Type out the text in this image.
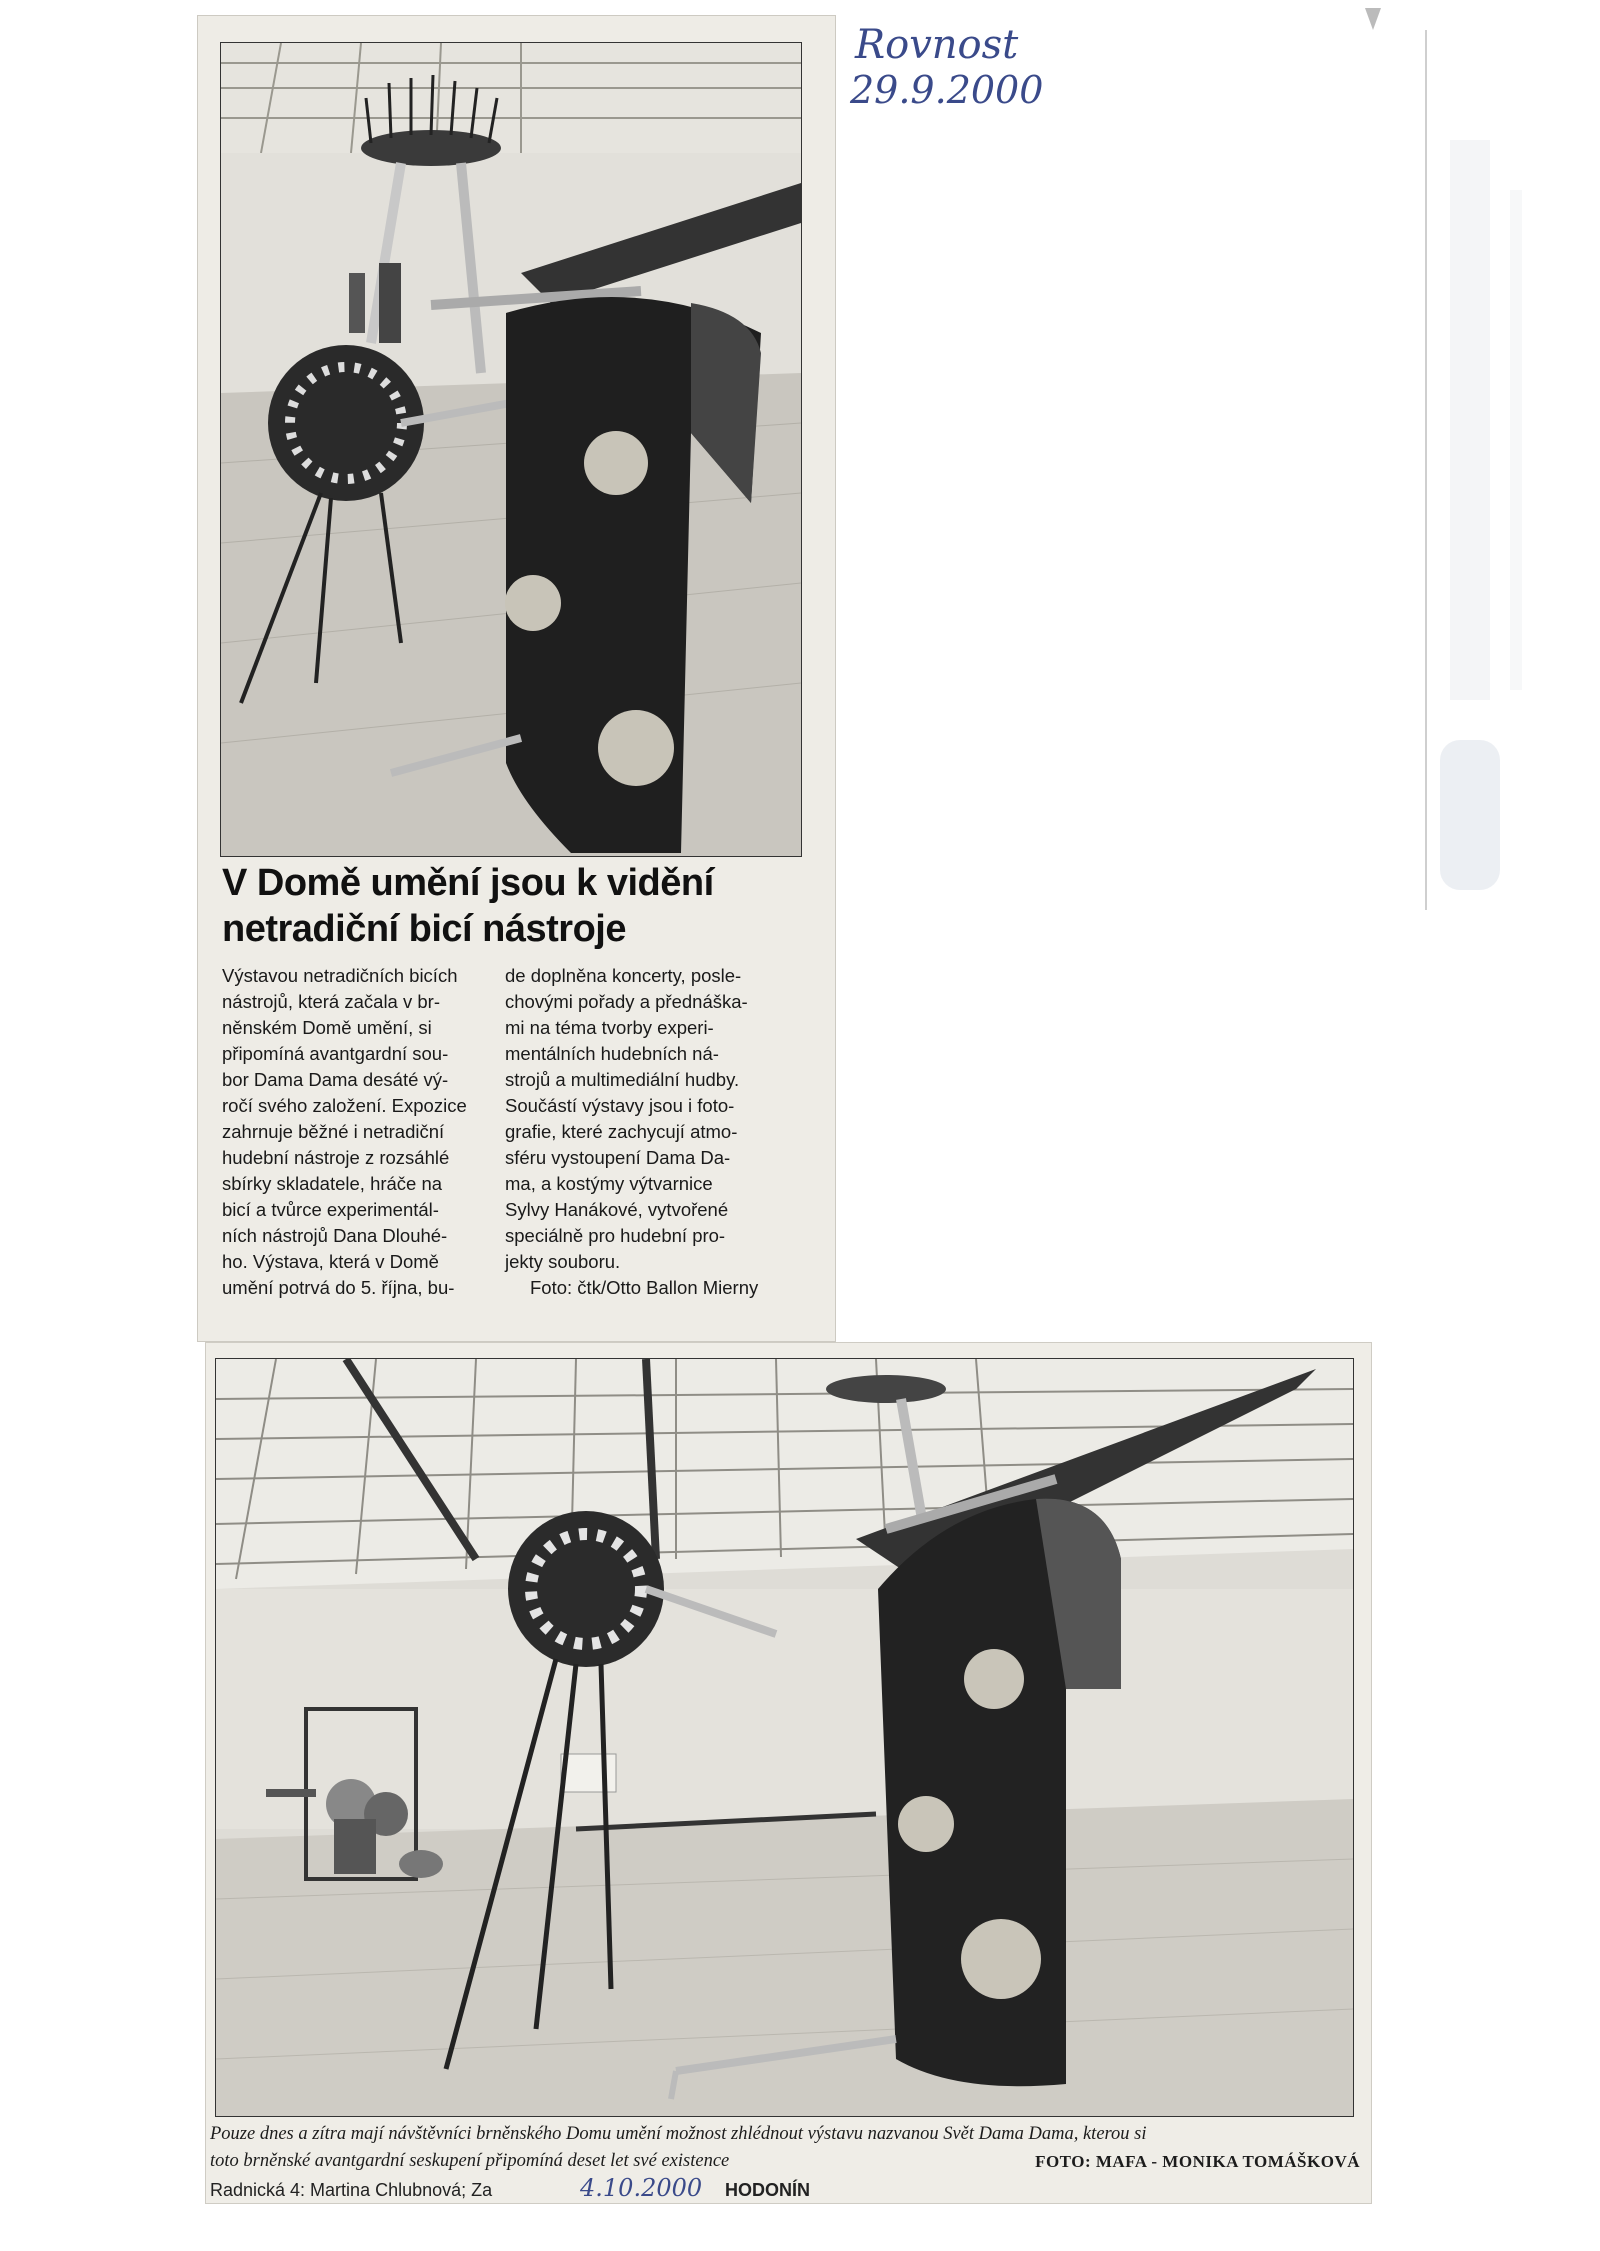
Rovnost
29.9.2000
V Domě umění jsou k vidění
netradiční bicí nástroje
Výstavou netradičních bicích
nástrojů, která začala v br-
něnském Domě umění, si
připomíná avantgardní sou-
bor Dama Dama desáté vý-
ročí svého založení. Expozice
zahrnuje běžné i netradiční
hudební nástroje z rozsáhlé
sbírky skladatele, hráče na
bicí a tvůrce experimentál-
ních nástrojů Dana Dlouhé-
ho. Výstava, která v Domě
umění potrvá do 5. října, bu-
de doplněna koncerty, posle-
chovými pořady a přednáška-
mi na téma tvorby experi-
mentálních hudebních ná-
strojů a multimediální hudby.
Součástí výstavy jsou i foto-
grafie, které zachycují atmo-
sféru vystoupení Dama Da-
ma, a kostýmy výtvarnice
Sylvy Hanákové, vytvořené
speciálně pro hudební pro-
jekty souboru.
Foto: čtk/Otto Ballon Mierny
Pouze dnes a zítra mají návštěvníci brněnského Domu umění možnost zhlédnout výstavu nazvanou Svět Dama Dama, kterou si
toto brněnské avantgardní seskupení připomíná deset let své existence	FOTO: MAFA - MONIKA TOMÁŠKOVÁ
Radnická 4: Martina Chlubnová; Za	4.10.2000 HODONÍN
